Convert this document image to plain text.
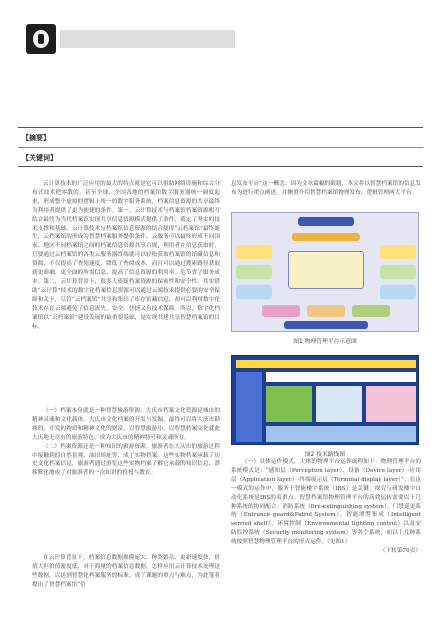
【摘要】
【关键词】

云计算技术的广泛应用的最大的特点就是它可以借助网络设施和综合分布式技术把零散的、甚至全球、全国各地的档案馆数字服务器统一调度起来，形成整个虚拟的逻辑上统一的数字服务系统，档案信息资源的共享最终为利用者提供了更为便捷的条件。第一，云计算技术与档案馆档案资源相互结合最终为当代档案馆实现共享信息资源模式提供了条件，奠定了坚实的技术支撑和基础。云计算技术与档案馆信息资源的结合使得“云档案馆”最终诞生，云档案馆的形成为智慧档案服务提供条件，云服务可以最终形成不同国家、地区不同档案馆之间的档案信息资源共享合规，利用者在信息获取时，只要通过云档案馆的各类云服务器终端就可以轻松获取档案馆的馆藏信息和资源，不仅提高了查阅速度，降低了查阅成本，而且可以通过搜索路径获取到更准确、更全面的所需信息，提高了信息资源的利用率。危节省了服务成本。第二，云计算背景下，很多人质疑档案资源的保密性和安全性。其实借助“云计算”技术的数字化档案信息资源可以通过云端技术提供必要的安全保障和关卡，尽管“云档案馆”共享和集结了库存馆藏信息，却可以利用数字化技术存在云端避免了信息流失，安全、快捷又有技术保障。所以，数字化档案馆以“云档案馆”建设发展的最重要基础，是实现共建共享智慧档案馆的目标。

（一）档案本身就是一种智慧旅游资源。大庆市档案文化资源是城市的精神灵魂和文化载体。大庆市文化档案的开发与发掘，最终可以将大庆市勘探的、开发的物质和精神文化的财富，以智慧旅游中，以智慧档案文化就此大庆地无尽有的旅游特色，成为大庆市的精神特号和灵魂所在。

（二）档案资源还是一种知识的旅游资源。旅游者在大庆市的旅游过程中接触到的自然景观、油田场址等，成了实物档案。这些实物档案承载了历史文化档案信息，旅游者通过游览这些实物档案了解它承载的知识信息，潜移默化地成了对旅游者的一次知识的投授与教育。

在云计算背景下，档案信息数据规模庞大、种类繁杂、更新速度快，价值大但价值密度低，对于海量的档案信息数据，怎样应用云计算技术处理这些数据，以达到智慧化档案服务的标准，成了课题的重点与难点，为此笔者提出了智慧档案馆“信

息发布平台”这一概念。因为文章篇幅的限制，本文将以智慧档案馆的信息发布为进行重点阐述，并侧重介绍智慧档案馆物理发布、逻辑管理两大平台。

图1 物理管理平台示意图
图2 技术路线图

（一）具体运作模式。大体的物理平台运作流程如下：物理管理平台的系统模式是：“感知层（Perception layer）、设备（Device layer）-应用层（Application layer）-终端展示层（Terminal display layer）”。在这一模式的运作中，服务于智能楼宇系统（IBS）是关键。探究与研发楼宇自动化系统是IBS的着重点。智慧档案馆物理管理平台的高效运转需要以下几种系统的协同配合：消防系统（fire-extinguishing system）、门禁巡更系统（Entrance guard&Patrol System）、智能泄警集成（Intelligent serried shelf）、环境控制（Environmental lighting control）以及安防监控系统（Security monitoring system）等各个系统，而以上几种系统按照智慧物理管理平台的形式运作。（见图1）

（下转第70页）
